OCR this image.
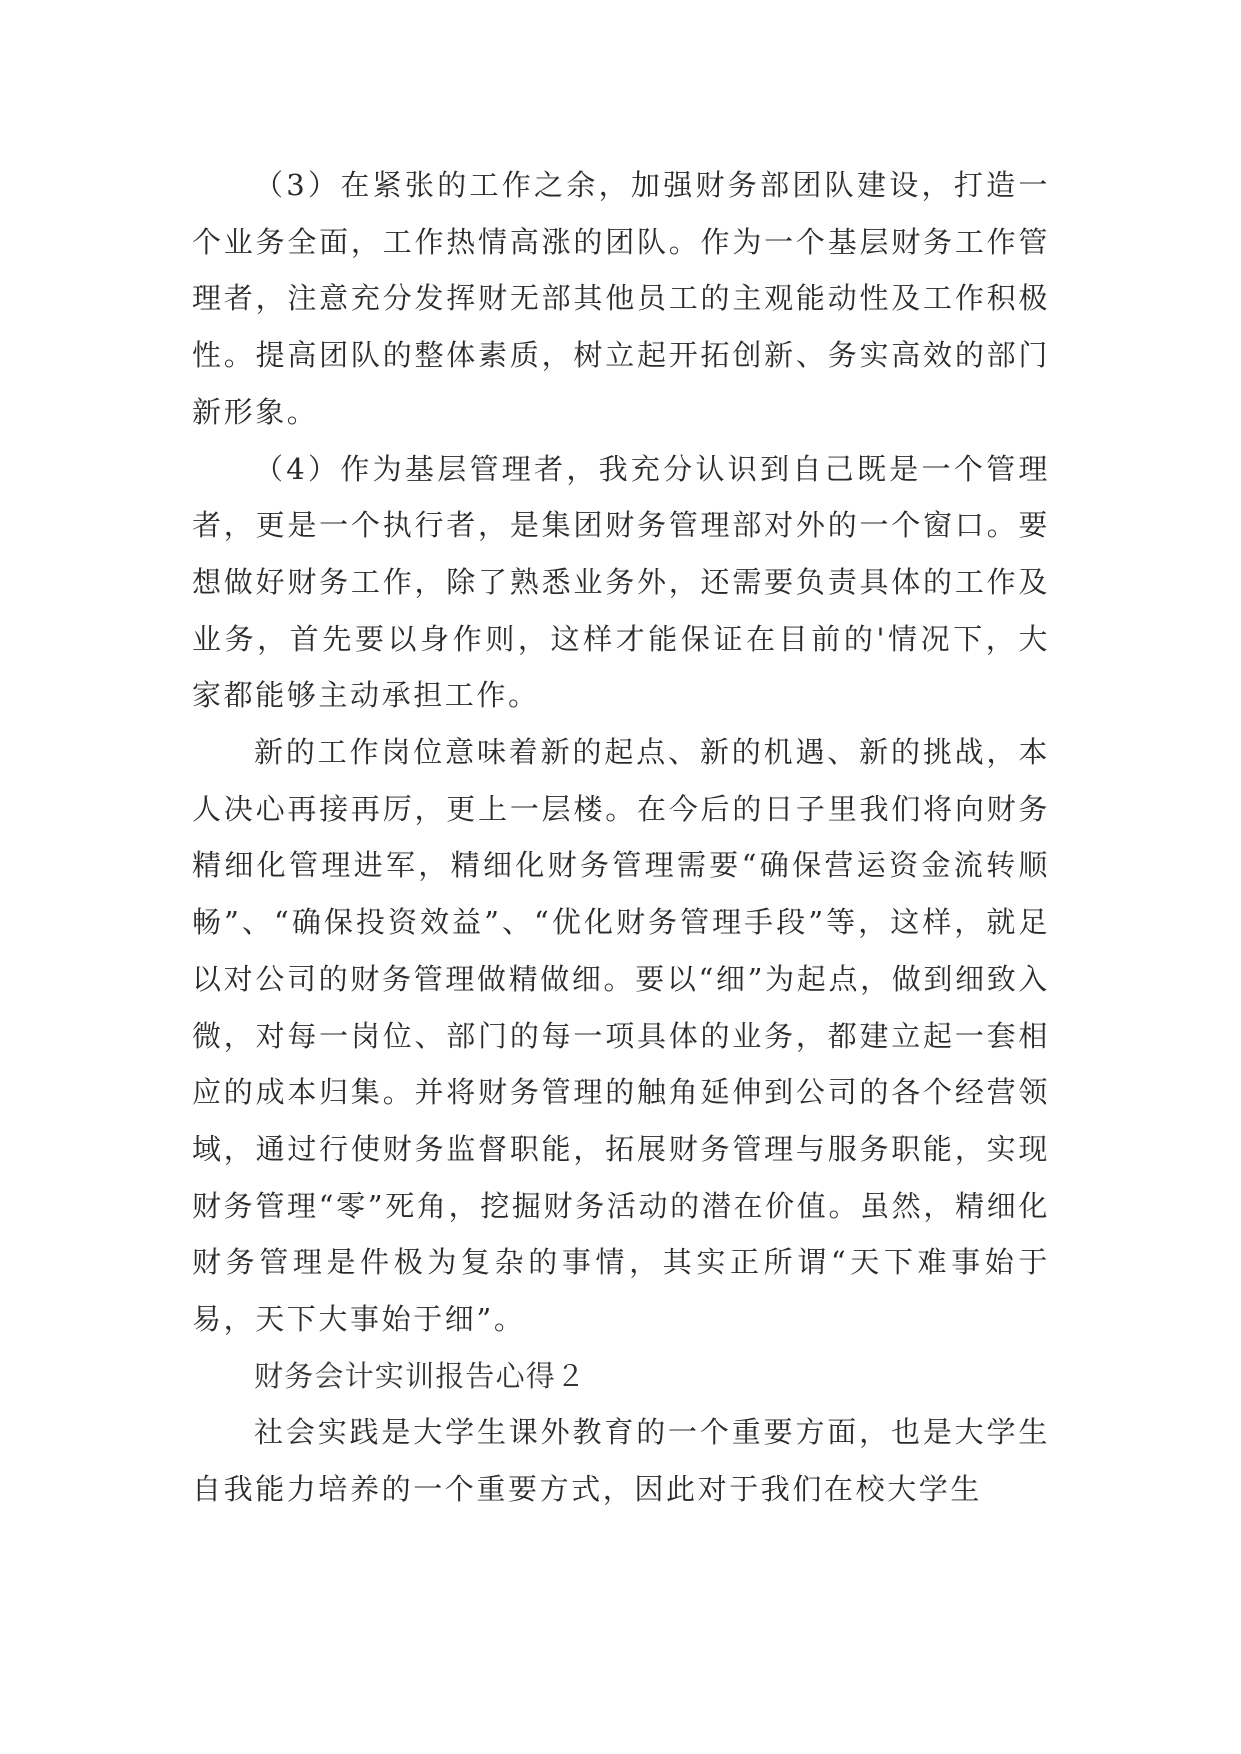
（3）在紧张的工作之余，加强财务部团队建设，打造一个业务全面，工作热情高涨的团队。作为一个基层财务工作管理者，注意充分发挥财无部其他员工的主观能动性及工作积极性。提高团队的整体素质，树立起开拓创新、务实高效的部门新形象。

（4）作为基层管理者，我充分认识到自己既是一个管理者，更是一个执行者，是集团财务管理部对外的一个窗口。要想做好财务工作，除了熟悉业务外，还需要负责具体的工作及业务，首先要以身作则，这样才能保证在目前的'情况下，大家都能够主动承担工作。

新的工作岗位意味着新的起点、新的机遇、新的挑战，本人决心再接再厉，更上一层楼。在今后的日子里我们将向财务精细化管理进军，精细化财务管理需要“确保营运资金流转顺畅”、“确保投资效益”、“优化财务管理手段”等，这样，就足以对公司的财务管理做精做细。要以“细”为起点，做到细致入微，对每一岗位、部门的每一项具体的业务，都建立起一套相应的成本归集。并将财务管理的触角延伸到公司的各个经营领域，通过行使财务监督职能，拓展财务管理与服务职能，实现财务管理“零”死角，挖掘财务活动的潜在价值。虽然，精细化财务管理是件极为复杂的事情，其实正所谓“天下难事始于易，天下大事始于细”。

财务会计实训报告心得２

社会实践是大学生课外教育的一个重要方面，也是大学生自我能力培养的一个重要方式，因此对于我们在校大学生
